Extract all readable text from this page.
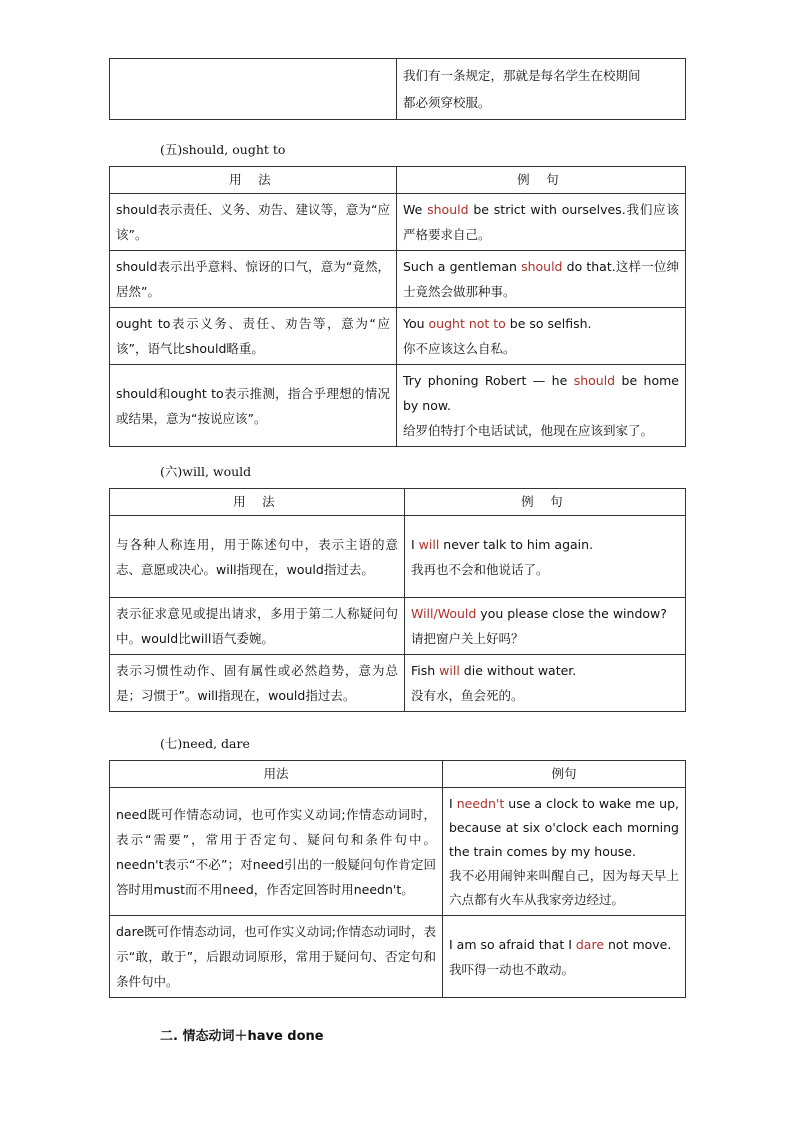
	我们有一条规定，那就是每名学生在校期间
都必须穿校服。
(五)should, ought to
用 法	例 句
should表示责任、义务、劝告、建议等，意为“应该”。	We should be strict with ourselves.我们应该严格要求自己。
should表示出乎意料、惊讶的口气，意为“竟然，居然”。	Such a gentleman should do that.这样一位绅士竟然会做那种事。
ought to表示义务、责任、劝告等，意为“应该”，语气比should略重。	You ought not to be so selfish.
你不应该这么自私。
should和ought to表示推测，指合乎理想的情况或结果，意为“按说应该”。	Try phoning Robert — he should be home by now.
给罗伯特打个电话试试，他现在应该到家了。
(六)will, would
用 法	例 句
与各种人称连用，用于陈述句中，表示主语的意志、意愿或决心。will指现在，would指过去。	I will never talk to him again.
我再也不会和他说话了。
表示征求意见或提出请求，多用于第二人称疑问句中。would比will语气委婉。	Will/Would you please close the window?
请把窗户关上好吗？
表示习惯性动作、固有属性或必然趋势，意为总是；习惯于”。will指现在，would指过去。	Fish will die without water.
没有水，鱼会死的。
(七)need, dare
用法	例句
need既可作情态动词，也可作实义动词;作情态动词时，表示“需要”，常用于否定句、疑问句和条件句中。needn't表示“不必”；对need引出的一般疑问句作肯定回答时用must而不用need，作否定回答时用needn't。	I needn't use a clock to wake me up, because at six o'clock each morning the train comes by my house.
我不必用闹钟来叫醒自己，因为每天早上六点都有火车从我家旁边经过。
dare既可作情态动词，也可作实义动词;作情态动词时，表示“敢，敢于”，后跟动词原形，常用于疑问句、否定句和条件句中。	I am so afraid that I dare not move.
我吓得一动也不敢动。
二. 情态动词＋have done
